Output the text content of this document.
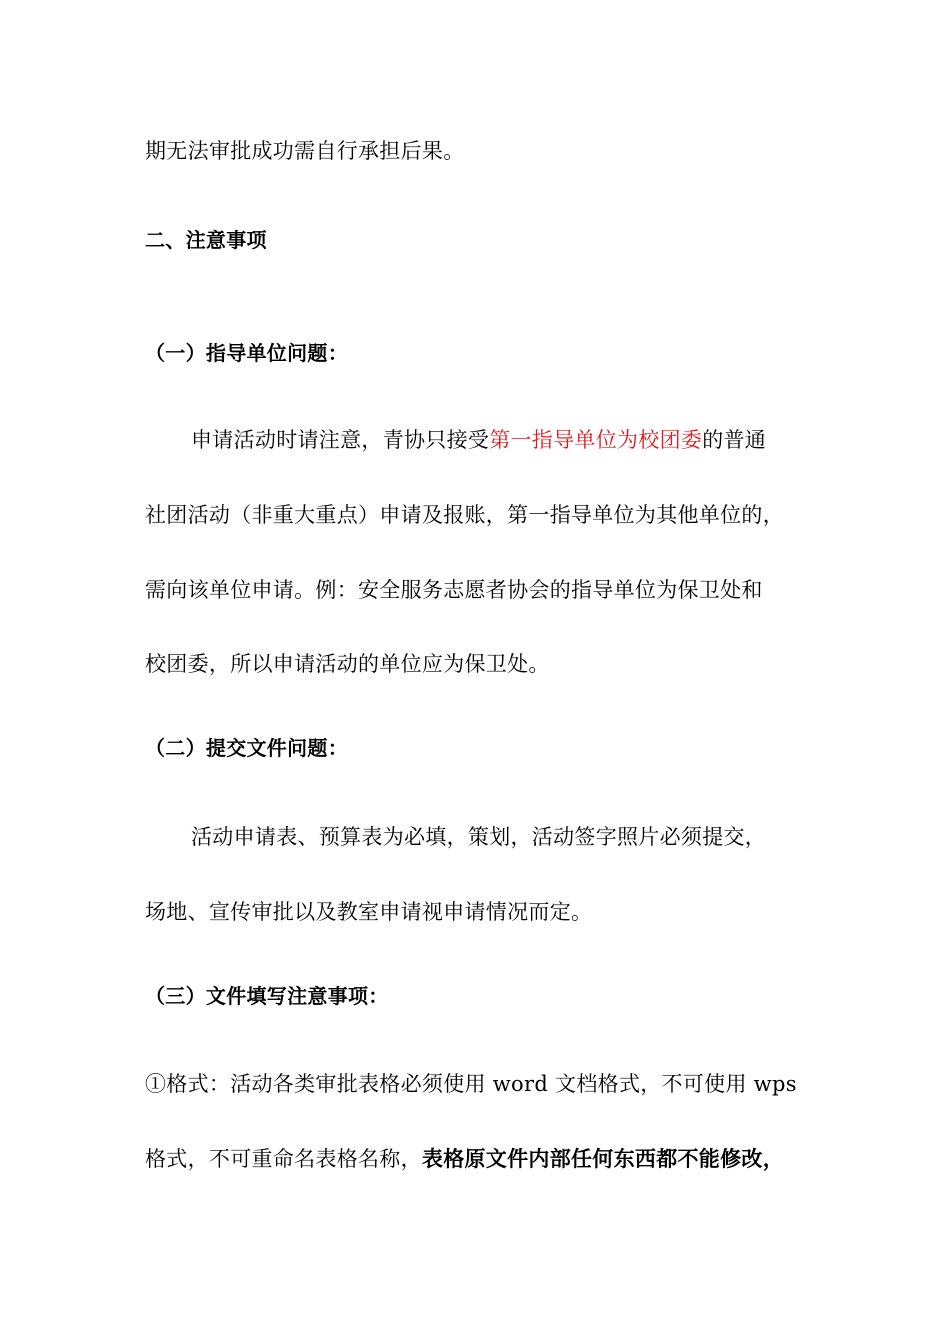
期无法审批成功需自行承担后果。
二、注意事项
（一）指导单位问题：
申请活动时请注意，青协只接受第一指导单位为校团委的普通
社团活动（非重大重点）申请及报账，第一指导单位为其他单位的，
需向该单位申请。例：安全服务志愿者协会的指导单位为保卫处和
校团委，所以申请活动的单位应为保卫处。
（二）提交文件问题：
活动申请表、预算表为必填，策划，活动签字照片必须提交，
场地、宣传审批以及教室申请视申请情况而定。
（三）文件填写注意事项：
①格式：活动各类审批表格必须使用 word 文档格式，不可使用 wps
格式，不可重命名表格名称，表格原文件内部任何东西都不能修改，
